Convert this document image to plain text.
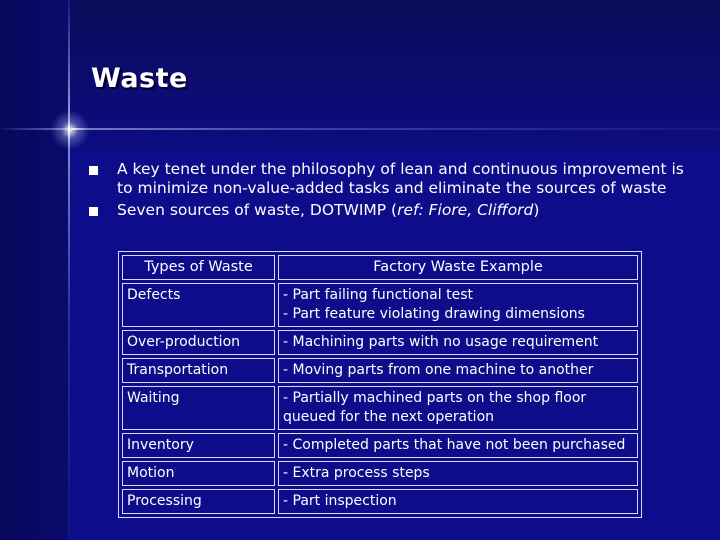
Waste
A key tenet under the philosophy of lean and continuous improvement is to minimize non-value-added tasks and eliminate the sources of waste
Seven sources of waste, DOTWIMP (ref: Fiore, Clifford)
Types of Waste	Factory Waste Example
Defects	- Part failing functional test
- Part feature violating drawing dimensions

Over-production	- Machining parts with no usage requirement

Transportation	- Moving parts from one machine to another

Waiting	- Partially machined parts on the shop floor queued for the next operation

Inventory	- Completed parts that have not been purchased

Motion	- Extra process steps

Processing	- Part inspection
